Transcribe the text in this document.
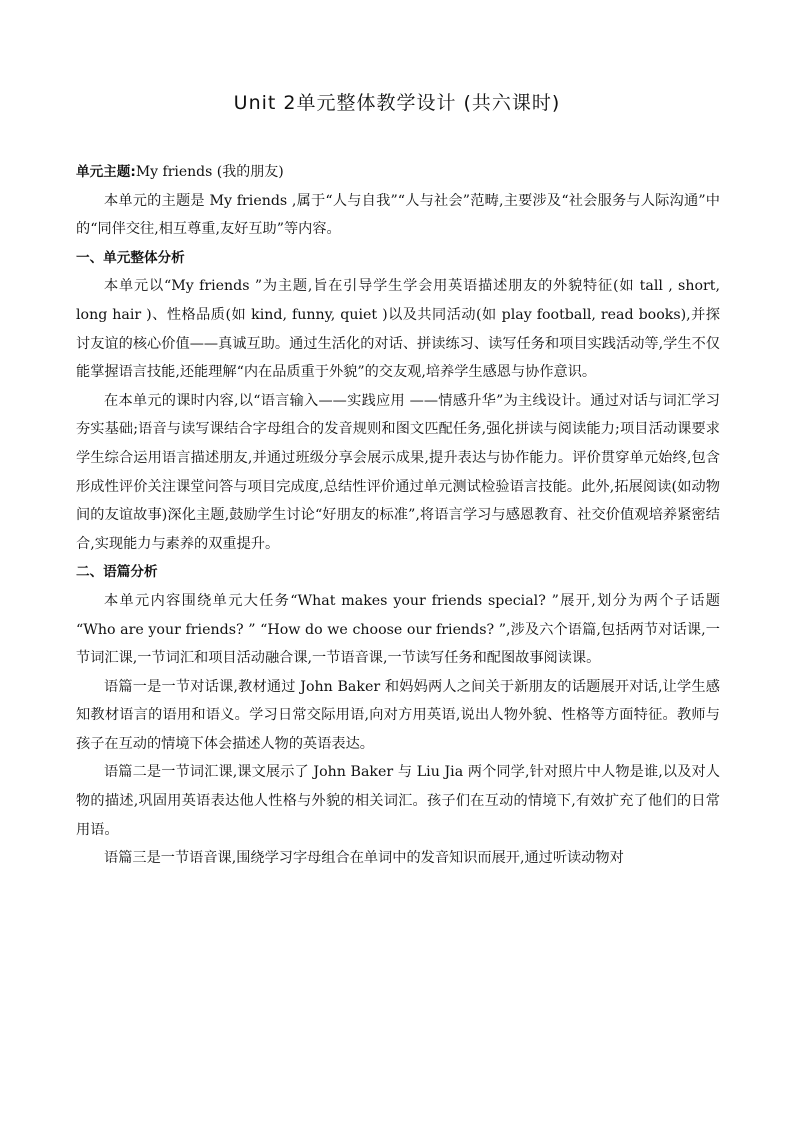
Unit 2单元整体教学设计 (共六课时)

单元主题:My friends (我的朋友)

本单元的主题是 My friends ,属于“人与自我”“人与社会”范畴,主要涉及“社会服务与人际沟通”中的“同伴交往,相互尊重,友好互助”等内容。

一、单元整体分析

本单元以“My friends ”为主题,旨在引导学生学会用英语描述朋友的外貌特征(如 tall , short, long hair )、性格品质(如 kind, funny, quiet )以及共同活动(如 play football, read books),并探讨友谊的核心价值——真诚互助。通过生活化的对话、拼读练习、读写任务和项目实践活动等,学生不仅能掌握语言技能,还能理解“内在品质重于外貌”的交友观,培养学生感恩与协作意识。

在本单元的课时内容,以“语言输入——实践应用 ——情感升华”为主线设计。通过对话与词汇学习夯实基础;语音与读写课结合字母组合的发音规则和图文匹配任务,强化拼读与阅读能力;项目活动课要求学生综合运用语言描述朋友,并通过班级分享会展示成果,提升表达与协作能力。评价贯穿单元始终,包含形成性评价关注课堂问答与项目完成度,总结性评价通过单元测试检验语言技能。此外,拓展阅读(如动物间的友谊故事)深化主题,鼓励学生讨论“好朋友的标准”,将语言学习与感恩教育、社交价值观培养紧密结合,实现能力与素养的双重提升。

二、语篇分析

本单元内容围绕单元大任务“What makes your friends special? ”展开,划分为两个子话题 “Who are your friends? ” “How do we choose our friends? ”,涉及六个语篇,包括两节对话课,一节词汇课,一节词汇和项目活动融合课,一节语音课,一节读写任务和配图故事阅读课。

语篇一是一节对话课,教材通过 John Baker 和妈妈两人之间关于新朋友的话题展开对话,让学生感知教材语言的语用和语义。学习日常交际用语,向对方用英语,说出人物外貌、性格等方面特征。教师与孩子在互动的情境下体会描述人物的英语表达。

语篇二是一节词汇课,课文展示了 John Baker 与 Liu Jia 两个同学,针对照片中人物是谁,以及对人物的描述,巩固用英语表达他人性格与外貌的相关词汇。孩子们在互动的情境下,有效扩充了他们的日常用语。

语篇三是一节语音课,围绕学习字母组合在单词中的发音知识而展开,通过听读动物对
